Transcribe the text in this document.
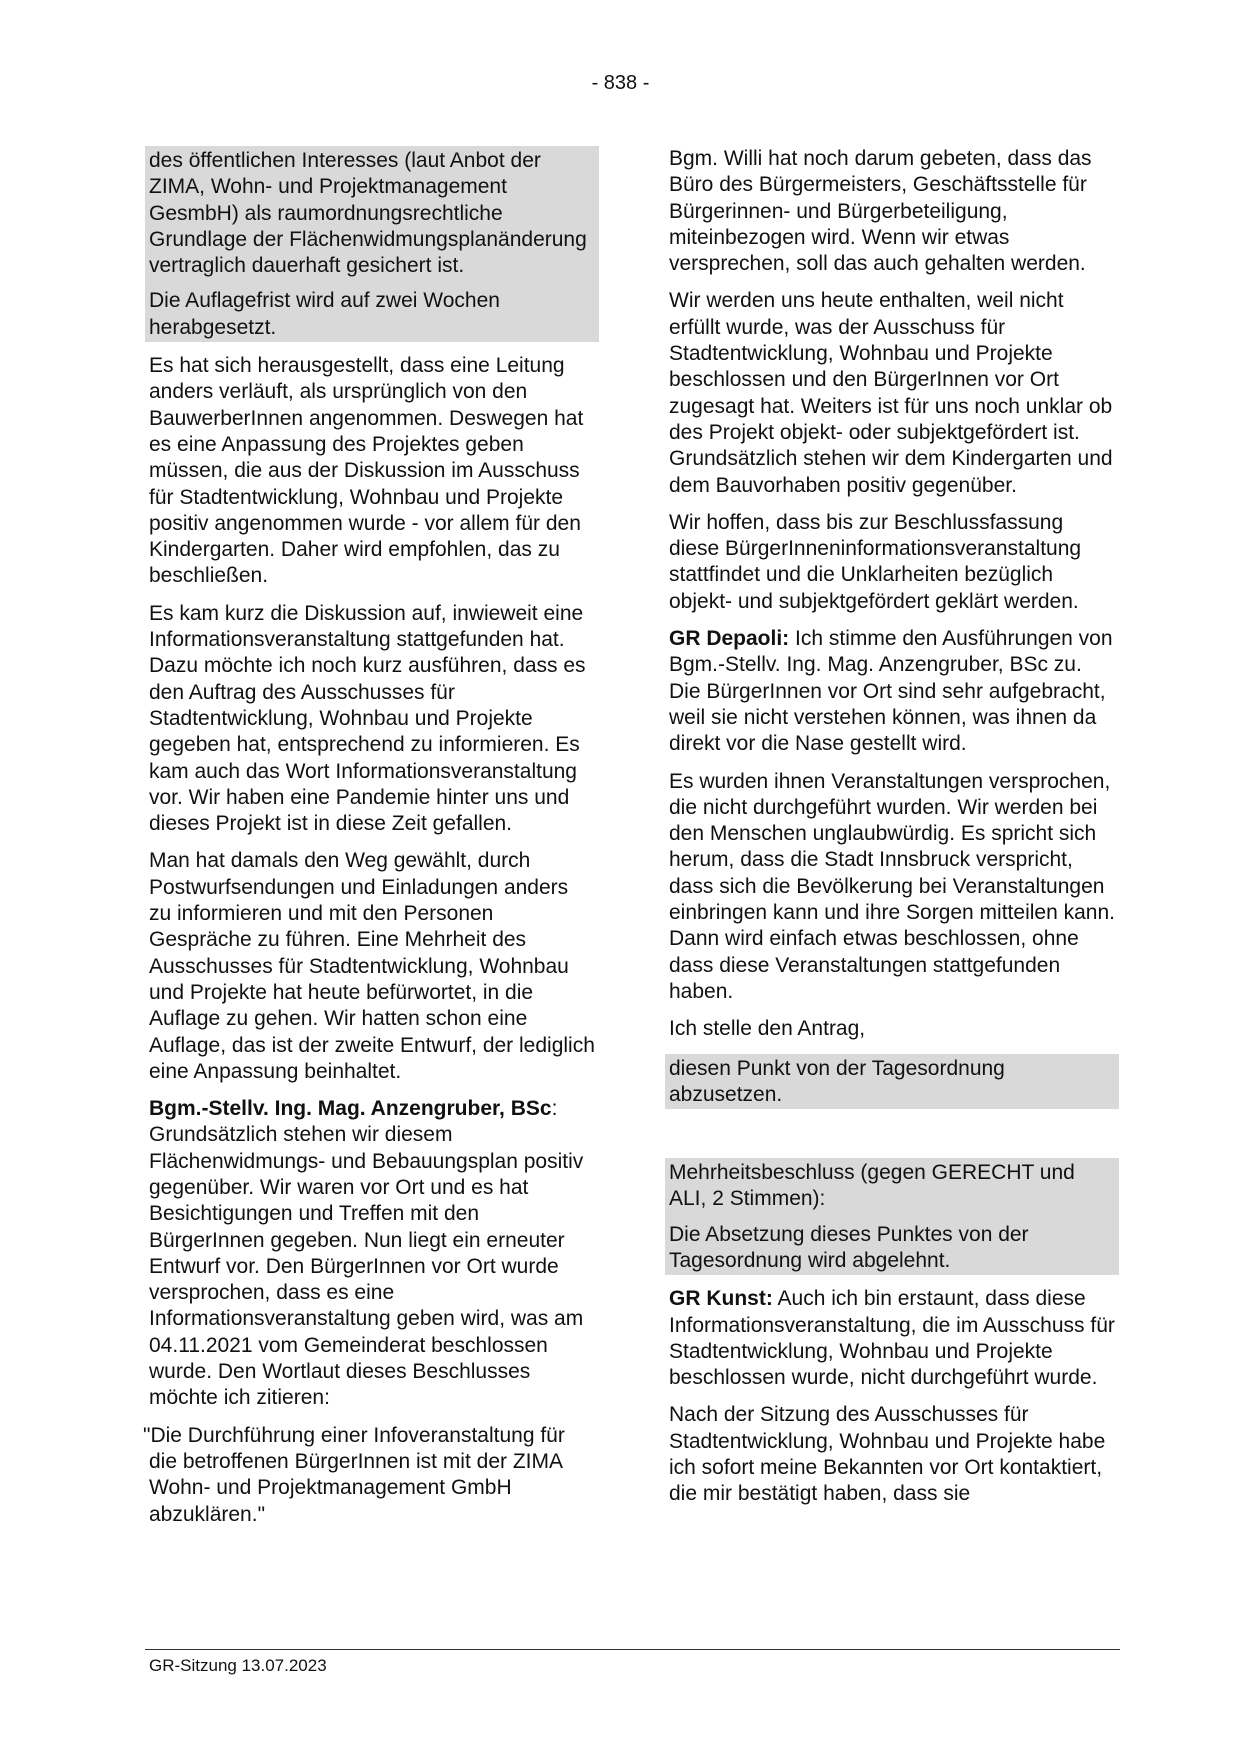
- 838 -
des öffentlichen Interesses (laut Anbot der ZIMA, Wohn- und Projektmanagement GesmbH) als raumordnungsrechtliche Grundlage der Flächenwidmungsplanänderung vertraglich dauerhaft gesichert ist.
Die Auflagefrist wird auf zwei Wochen herabgesetzt.
Es hat sich herausgestellt, dass eine Leitung anders verläuft, als ursprünglich von den BauwerberInnen angenommen. Deswegen hat es eine Anpassung des Projektes geben müssen, die aus der Diskussion im Ausschuss für Stadtentwicklung, Wohnbau und Projekte positiv angenommen wurde - vor allem für den Kindergarten. Daher wird empfohlen, das zu beschließen.
Es kam kurz die Diskussion auf, inwieweit eine Informationsveranstaltung stattgefunden hat. Dazu möchte ich noch kurz ausführen, dass es den Auftrag des Ausschusses für Stadtentwicklung, Wohnbau und Projekte gegeben hat, entsprechend zu informieren. Es kam auch das Wort Informationsveranstaltung vor. Wir haben eine Pandemie hinter uns und dieses Projekt ist in diese Zeit gefallen.
Man hat damals den Weg gewählt, durch Postwurfsendungen und Einladungen anders zu informieren und mit den Personen Gespräche zu führen. Eine Mehrheit des Ausschusses für Stadtentwicklung, Wohnbau und Projekte hat heute befürwortet, in die Auflage zu gehen. Wir hatten schon eine Auflage, das ist der zweite Entwurf, der lediglich eine Anpassung beinhaltet.
Bgm.-Stellv. Ing. Mag. Anzengruber, BSc: Grundsätzlich stehen wir diesem Flächenwidmungs- und Bebauungsplan positiv gegenüber. Wir waren vor Ort und es hat Besichtigungen und Treffen mit den BürgerInnen gegeben. Nun liegt ein erneuter Entwurf vor. Den BürgerInnen vor Ort wurde versprochen, dass es eine Informationsveranstaltung geben wird, was am 04.11.2021 vom Gemeinderat beschlossen wurde. Den Wortlaut dieses Beschlusses möchte ich zitieren:
"Die Durchführung einer Infoveranstaltung für die betroffenen BürgerInnen ist mit der ZIMA Wohn- und Projektmanagement GmbH abzuklären."
Bgm. Willi hat noch darum gebeten, dass das Büro des Bürgermeisters, Geschäftsstelle für Bürgerinnen- und Bürgerbeteiligung, miteinbezogen wird. Wenn wir etwas versprechen, soll das auch gehalten werden.
Wir werden uns heute enthalten, weil nicht erfüllt wurde, was der Ausschuss für Stadtentwicklung, Wohnbau und Projekte beschlossen und den BürgerInnen vor Ort zugesagt hat. Weiters ist für uns noch unklar ob des Projekt objekt- oder subjektgefördert ist. Grundsätzlich stehen wir dem Kindergarten und dem Bauvorhaben positiv gegenüber.
Wir hoffen, dass bis zur Beschlussfassung diese BürgerInneninformationsveranstaltung stattfindet und die Unklarheiten bezüglich objekt- und subjektgefördert geklärt werden.
GR Depaoli: Ich stimme den Ausführungen von Bgm.-Stellv. Ing. Mag. Anzengruber, BSc zu. Die BürgerInnen vor Ort sind sehr aufgebracht, weil sie nicht verstehen können, was ihnen da direkt vor die Nase gestellt wird.
Es wurden ihnen Veranstaltungen versprochen, die nicht durchgeführt wurden. Wir werden bei den Menschen unglaubwürdig. Es spricht sich herum, dass die Stadt Innsbruck verspricht, dass sich die Bevölkerung bei Veranstaltungen einbringen kann und ihre Sorgen mitteilen kann. Dann wird einfach etwas beschlossen, ohne dass diese Veranstaltungen stattgefunden haben.
Ich stelle den Antrag,
diesen Punkt von der Tagesordnung abzusetzen.
Mehrheitsbeschluss (gegen GERECHT und ALI, 2 Stimmen):
Die Absetzung dieses Punktes von der Tagesordnung wird abgelehnt.
GR Kunst: Auch ich bin erstaunt, dass diese Informationsveranstaltung, die im Ausschuss für Stadtentwicklung, Wohnbau und Projekte beschlossen wurde, nicht durchgeführt wurde.
Nach der Sitzung des Ausschusses für Stadtentwicklung, Wohnbau und Projekte habe ich sofort meine Bekannten vor Ort kontaktiert, die mir bestätigt haben, dass sie
GR-Sitzung 13.07.2023
